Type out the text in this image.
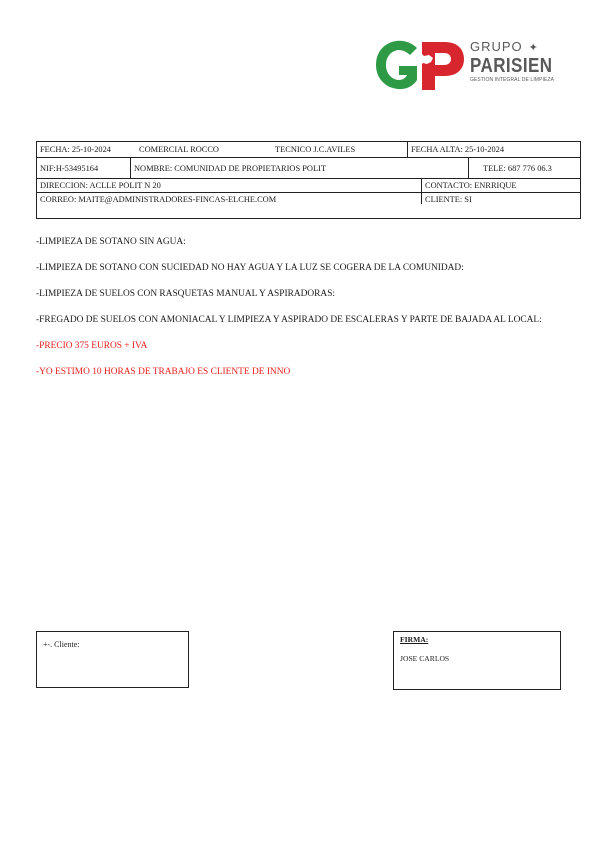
GRUPO ✦
PARISIEN
GESTION INTEGRAL DE LIMPIEZA
FECHA: 25-10-2024	COMERCIAL ROCCO	TECNICO J.C.AVILES	FECHA ALTA: 25-10-2024
NIF:H-53495164	NOMBRE: COMUNIDAD DE PROPIETARIOS POLIT	TELE: 687 776 06.3
DIRECCION: ACLLE POLIT N 20	CONTACTO: ENRRIQUE
CORREO: MAITE@ADMINISTRADORES-FINCAS-ELCHE.COM	CLIENTE: SI

-LIMPIEZA DE SOTANO SIN AGUA:

-LIMPIEZA DE SOTANO CON SUCIEDAD NO HAY AGUA Y LA LUZ SE COGERA DE LA COMUNIDAD:

-LIMPIEZA DE SUELOS CON RASQUETAS MANUAL Y ASPIRADORAS:

-FREGADO DE SUELOS CON AMONIACAL Y LIMPIEZA Y ASPIRADO DE ESCALERAS Y PARTE DE BAJADA AL LOCAL:

-PRECIO 375 EUROS + IVA

-YO ESTIMO 10 HORAS DE TRABAJO ES CLIENTE DE INNO

+-. Cliente:
FIRMA:
JOSE CARLOS
